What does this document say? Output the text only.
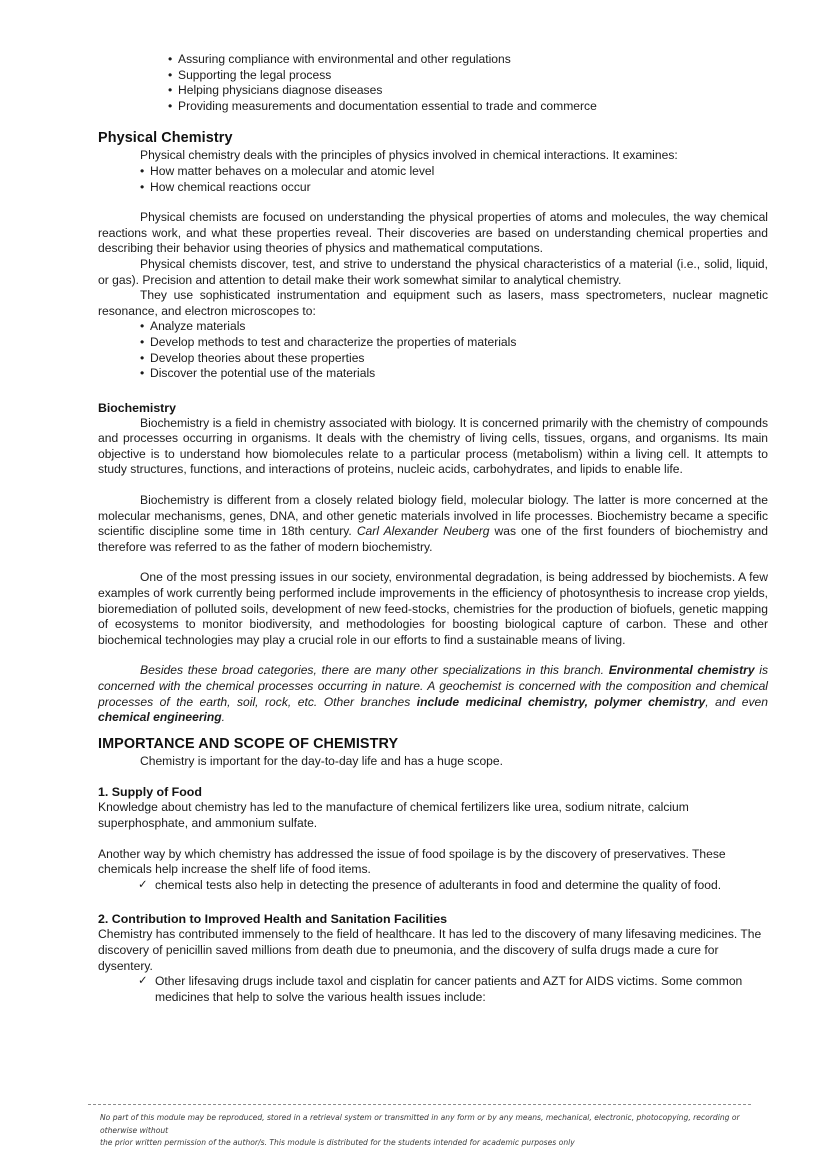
• Assuring compliance with environmental and other regulations
• Supporting the legal process
• Helping physicians diagnose diseases
• Providing measurements and documentation essential to trade and commerce
Physical Chemistry

Physical chemistry deals with the principles of physics involved in chemical interactions. It examines:

• How matter behaves on a molecular and atomic level
• How chemical reactions occur

Physical chemists are focused on understanding the physical properties of atoms and molecules, the way chemical reactions work, and what these properties reveal. Their discoveries are based on understanding chemical properties and describing their behavior using theories of physics and mathematical computations.

Physical chemists discover, test, and strive to understand the physical characteristics of a material (i.e., solid, liquid, or gas). Precision and attention to detail make their work somewhat similar to analytical chemistry.

They use sophisticated instrumentation and equipment such as lasers, mass spectrometers, nuclear magnetic resonance, and electron microscopes to:

• Analyze materials
• Develop methods to test and characterize the properties of materials
• Develop theories about these properties
• Discover the potential use of the materials
Biochemistry

Biochemistry is a field in chemistry associated with biology. It is concerned primarily with the chemistry of compounds and processes occurring in organisms. It deals with the chemistry of living cells, tissues, organs, and organisms. Its main objective is to understand how biomolecules relate to a particular process (metabolism) within a living cell. It attempts to study structures, functions, and interactions of proteins, nucleic acids, carbohydrates, and lipids to enable life.

Biochemistry is different from a closely related biology field, molecular biology. The latter is more concerned at the molecular mechanisms, genes, DNA, and other genetic materials involved in life processes. Biochemistry became a specific scientific discipline some time in 18th century. Carl Alexander Neuberg was one of the first founders of biochemistry and therefore was referred to as the father of modern biochemistry.

One of the most pressing issues in our society, environmental degradation, is being addressed by biochemists. A few examples of work currently being performed include improvements in the efficiency of photosynthesis to increase crop yields, bioremediation of polluted soils, development of new feed-stocks, chemistries for the production of biofuels, genetic mapping of ecosystems to monitor biodiversity, and methodologies for boosting biological capture of carbon. These and other biochemical technologies may play a crucial role in our efforts to find a sustainable means of living.

Besides these broad categories, there are many other specializations in this branch. Environmental chemistry is concerned with the chemical processes occurring in nature. A geochemist is concerned with the composition and chemical processes of the earth, soil, rock, etc. Other branches include medicinal chemistry, polymer chemistry, and even chemical engineering.

IMPORTANCE AND SCOPE OF CHEMISTRY

Chemistry is important for the day-to-day life and has a huge scope.

1. Supply of Food

Knowledge about chemistry has led to the manufacture of chemical fertilizers like urea, sodium nitrate, calcium superphosphate, and ammonium sulfate.

Another way by which chemistry has addressed the issue of food spoilage is by the discovery of preservatives. These chemicals help increase the shelf life of food items.

✓ chemical tests also help in detecting the presence of adulterants in food and determine the quality of food.
2. Contribution to Improved Health and Sanitation Facilities

Chemistry has contributed immensely to the field of healthcare. It has led to the discovery of many lifesaving medicines. The discovery of penicillin saved millions from death due to pneumonia, and the discovery of sulfa drugs made a cure for dysentery.

✓ Other lifesaving drugs include taxol and cisplatin for cancer patients and AZT for AIDS victims. Some common medicines that help to solve the various health issues include:
No part of this module may be reproduced, stored in a retrieval system or transmitted in any form or by any means, mechanical, electronic, photocopying, recording or otherwise without
the prior written permission of the author/s. This module is distributed for the students intended for academic purposes only
